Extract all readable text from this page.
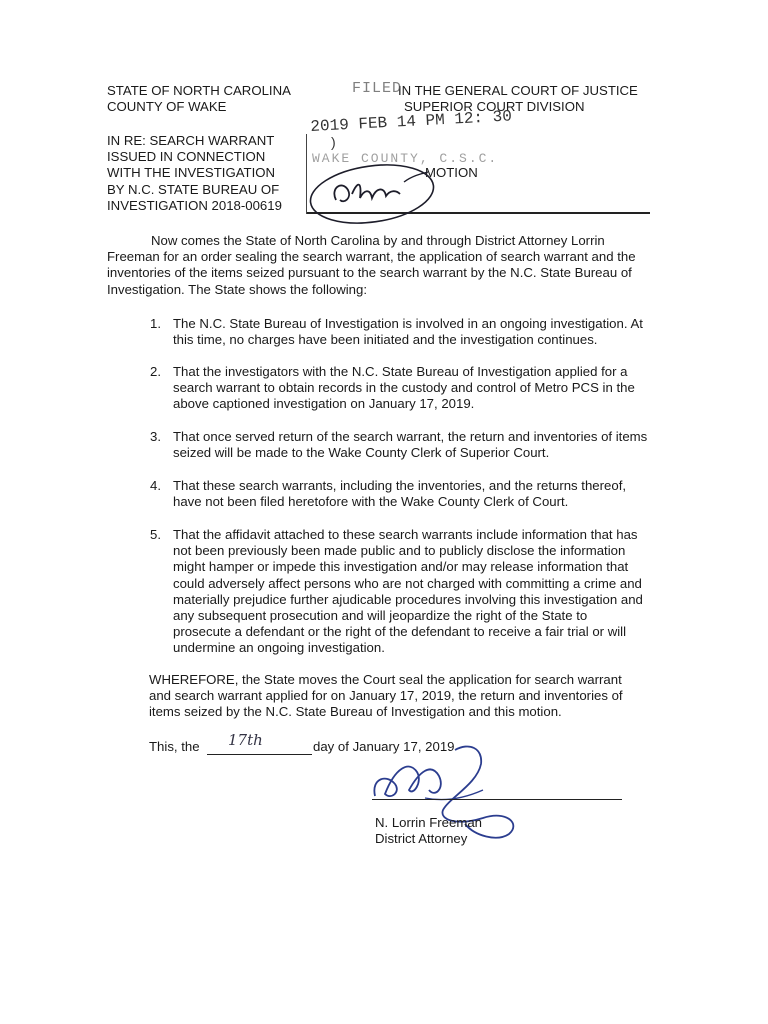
STATE OF NORTH CAROLINA
COUNTY OF WAKE
IN THE GENERAL COURT OF JUSTICE
SUPERIOR COURT DIVISION
FILED
IN RE: SEARCH WARRANT
ISSUED IN CONNECTION
WITH THE INVESTIGATION
BY N.C. STATE BUREAU OF
INVESTIGATION 2018-00619
2019 FEB 14 PM 12: 30
)
WAKE COUNTY, C.S.C.
MOTION
Now comes the State of North Carolina by and through District Attorney Lorrin
Freeman for an order sealing the search warrant, the application of search warrant and the
inventories of the items seized pursuant to the search warrant by the N.C. State Bureau of
Investigation. The State shows the following:
1. The N.C. State Bureau of Investigation is involved in an ongoing investigation. At
this time, no charges have been initiated and the investigation continues.
2. That the investigators with the N.C. State Bureau of Investigation applied for a
search warrant to obtain records in the custody and control of Metro PCS in the
above captioned investigation on January 17, 2019.
3. That once served return of the search warrant, the return and inventories of items
seized will be made to the Wake County Clerk of Superior Court.
4. That these search warrants, including the inventories, and the returns thereof,
have not been filed heretofore with the Wake County Clerk of Court.
5. That the affidavit attached to these search warrants include information that has
not been previously been made public and to publicly disclose the information
might hamper or impede this investigation and/or may release information that
could adversely affect persons who are not charged with committing a crime and
materially prejudice further ajudicable procedures involving this investigation and
any subsequent prosecution and will jeopardize the right of the State to
prosecute a defendant or the right of the defendant to receive a fair trial or will
undermine an ongoing investigation.
WHEREFORE, the State moves the Court seal the application for search warrant
and search warrant applied for on January 17, 2019, the return and inventories of
items seized by the N.C. State Bureau of Investigation and this motion.
This, the 17th	day of January 17, 2019
N. Lorrin Freeman
District Attorney
